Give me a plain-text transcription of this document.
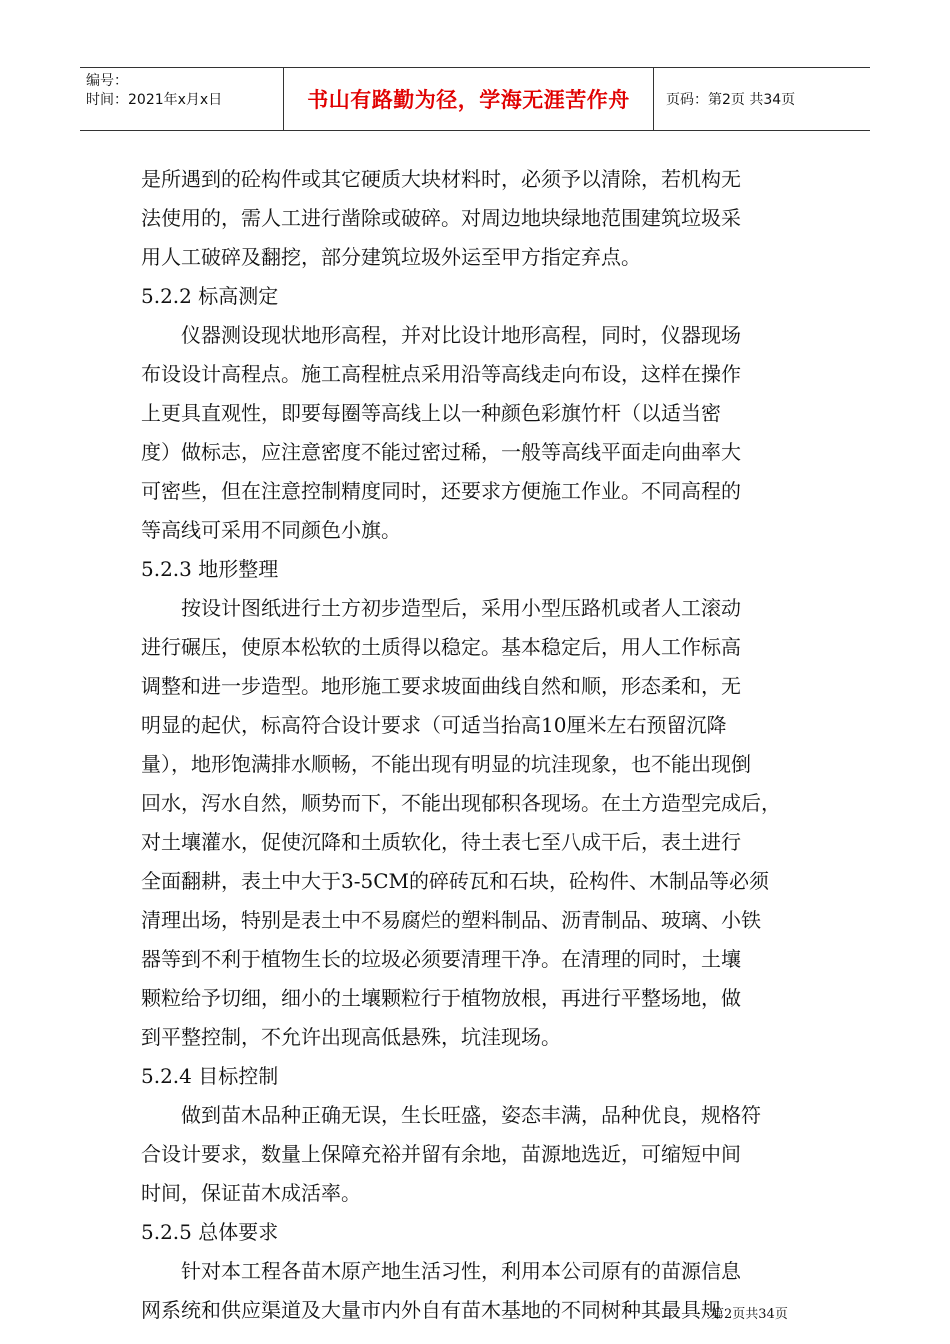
编号：
时间：2021年x月x日	书山有路勤为径，学海无涯苦作舟	页码：第2页 共34页

是所遇到的砼构件或其它硬质大块材料时，必须予以清除，若机构无

法使用的，需人工进行凿除或破碎。对周边地块绿地范围建筑垃圾采

用人工破碎及翻挖，部分建筑垃圾外运至甲方指定弃点。

5.2.2 标高测定

　　仪器测设现状地形高程，并对比设计地形高程，同时，仪器现场

布设设计高程点。施工高程桩点采用沿等高线走向布设，这样在操作

上更具直观性，即要每圈等高线上以一种颜色彩旗竹杆（以适当密

度）做标志，应注意密度不能过密过稀，一般等高线平面走向曲率大

可密些，但在注意控制精度同时，还要求方便施工作业。不同高程的

等高线可采用不同颜色小旗。

5.2.3 地形整理

　　按设计图纸进行土方初步造型后，采用小型压路机或者人工滚动

进行碾压，使原本松软的土质得以稳定。基本稳定后，用人工作标高

调整和进一步造型。地形施工要求坡面曲线自然和顺，形态柔和，无

明显的起伏，标高符合设计要求（可适当抬高10厘米左右预留沉降

量），地形饱满排水顺畅，不能出现有明显的坑洼现象，也不能出现倒

回水，泻水自然，顺势而下，不能出现郁积各现场。在土方造型完成后，

对土壤灌水，促使沉降和土质软化，待土表七至八成干后，表土进行

全面翻耕，表土中大于3-5CM的碎砖瓦和石块，砼构件、木制品等必须

清理出场，特别是表土中不易腐烂的塑料制品、沥青制品、玻璃、小铁

器等到不利于植物生长的垃圾必须要清理干净。在清理的同时，土壤

颗粒给予切细，细小的土壤颗粒行于植物放根，再进行平整场地，做

到平整控制，不允许出现高低悬殊，坑洼现场。

5.2.4 目标控制

　　做到苗木品种正确无误，生长旺盛，姿态丰满，品种优良，规格符

合设计要求，数量上保障充裕并留有余地，苗源地选近，可缩短中间

时间，保证苗木成活率。

5.2.5 总体要求

　　针对本工程各苗木原产地生活习性，利用本公司原有的苗源信息

网系统和供应渠道及大量市内外自有苗木基地的不同树种其最具规

第2页共34页
